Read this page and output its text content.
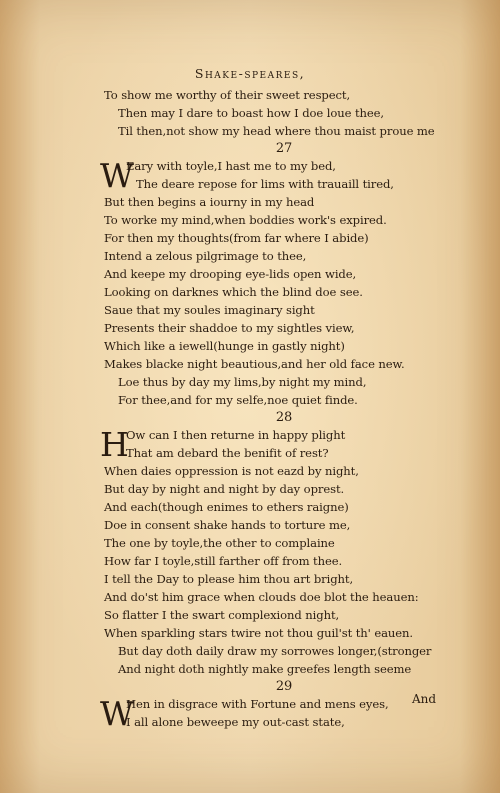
Shake-speares,
To show me worthy of their sweet respect,
Then may I dare to boast how I doe loue thee,
Til then,not show my head where thou maist proue me
27
W
Eary with toyle,I hast me to my bed,
The deare repose for lims with trauaill tired,
But then begins a iourny in my head
To worke my mind,when boddies work's expired.
For then my thoughts(from far where I abide)
Intend a zelous pilgrimage to thee,
And keepe my drooping eye-lids open wide,
Looking on darknes which the blind doe see.
Saue that my soules imaginary sight
Presents their shaddoe to my sightles view,
Which like a iewell(hunge in gastly night)
Makes blacke night beautious,and her old face new.
Loe thus by day my lims,by night my mind,
For thee,and for my selfe,noe quiet finde.
28
H
Ow can I then returne in happy plight
That am debard the benifit of rest?
When daies oppression is not eazd by night,
But day by night and night by day oprest.
And each(though enimes to ethers raigne)
Doe in consent shake hands to torture me,
The one by toyle,the other to complaine
How far I toyle,still farther off from thee.
I tell the Day to please him thou art bright,
And do'st him grace when clouds doe blot the heauen:
So flatter I the swart complexiond night,
When sparkling stars twire not thou guil'st th' eauen.
But day doth daily draw my sorrowes longer,(stronger
And night doth nightly make greefes length seeme
29
W
Hen in disgrace with Fortune and mens eyes,
I all alone beweepe my out-cast state,
And
